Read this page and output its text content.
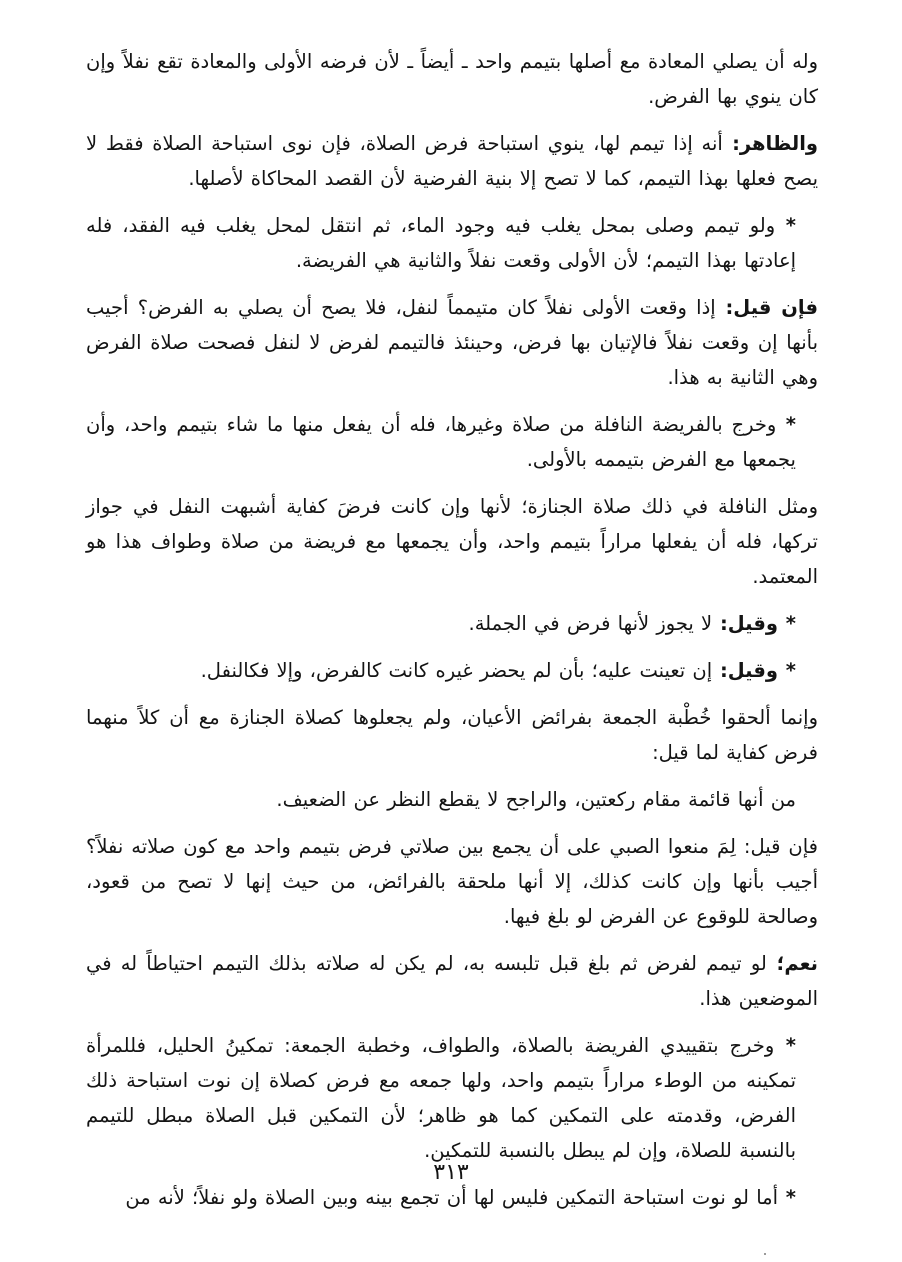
وله أن يصلي المعادة مع أصلها بتيمم واحد ـ أيضاً ـ لأن فرضه الأولى والمعادة تقع نفلاً وإن كان ينوي بها الفرض.

والظاهر: أنه إذا تيمم لها، ينوي استباحة فرض الصلاة، فإن نوى استباحة الصلاة فقط لا يصح فعلها بهذا التيمم، كما لا تصح إلا بنية الفرضية لأن القصد المحاكاة لأصلها.

* ولو تيمم وصلى بمحل يغلب فيه وجود الماء، ثم انتقل لمحل يغلب فيه الفقد، فله إعادتها بهذا التيمم؛ لأن الأولى وقعت نفلاً والثانية هي الفريضة.

فإن قيل: إذا وقعت الأولى نفلاً كان متيمماً لنفل، فلا يصح أن يصلي به الفرض؟ أجيب بأنها إن وقعت نفلاً فالإتيان بها فرض، وحينئذ فالتيمم لفرض لا لنفل فصحت صلاة الفرض وهي الثانية به هذا.

* وخرج بالفريضة النافلة من صلاة وغيرها، فله أن يفعل منها ما شاء بتيمم واحد، وأن يجمعها مع الفرض بتيممه بالأولى.

ومثل النافلة في ذلك صلاة الجنازة؛ لأنها وإن كانت فرضَ كفاية أشبهت النفل في جواز تركها، فله أن يفعلها مراراً بتيمم واحد، وأن يجمعها مع فريضة من صلاة وطواف هذا هو المعتمد.

* وقيل: لا يجوز لأنها فرض في الجملة.

* وقيل: إن تعينت عليه؛ بأن لم يحضر غيره كانت كالفرض، وإلا فكالنفل.

وإنما ألحقوا خُطْبة الجمعة بفرائض الأعيان، ولم يجعلوها كصلاة الجنازة مع أن كلاً منهما فرض كفاية لما قيل:

من أنها قائمة مقام ركعتين، والراجح لا يقطع النظر عن الضعيف.

فإن قيل: لِمَ منعوا الصبي على أن يجمع بين صلاتي فرض بتيمم واحد مع كون صلاته نفلاً؟ أجيب بأنها وإن كانت كذلك، إلا أنها ملحقة بالفرائض، من حيث إنها لا تصح من قعود، وصالحة للوقوع عن الفرض لو بلغ فيها.

نعم؛ لو تيمم لفرض ثم بلغ قبل تلبسه به، لم يكن له صلاته بذلك التيمم احتياطاً له في الموضعين هذا.

* وخرج بتقييدي الفريضة بالصلاة، والطواف، وخطبة الجمعة: تمكينُ الحليل، فللمرأة تمكينه من الوطء مراراً بتيمم واحد، ولها جمعه مع فرض كصلاة إن نوت استباحة ذلك الفرض، وقدمته على التمكين كما هو ظاهر؛ لأن التمكين قبل الصلاة مبطل للتيمم بالنسبة للصلاة، وإن لم يبطل بالنسبة للتمكين.

* أما لو نوت استباحة التمكين فليس لها أن تجمع بينه وبين الصلاة ولو نفلاً؛ لأنه من

٣١٣
